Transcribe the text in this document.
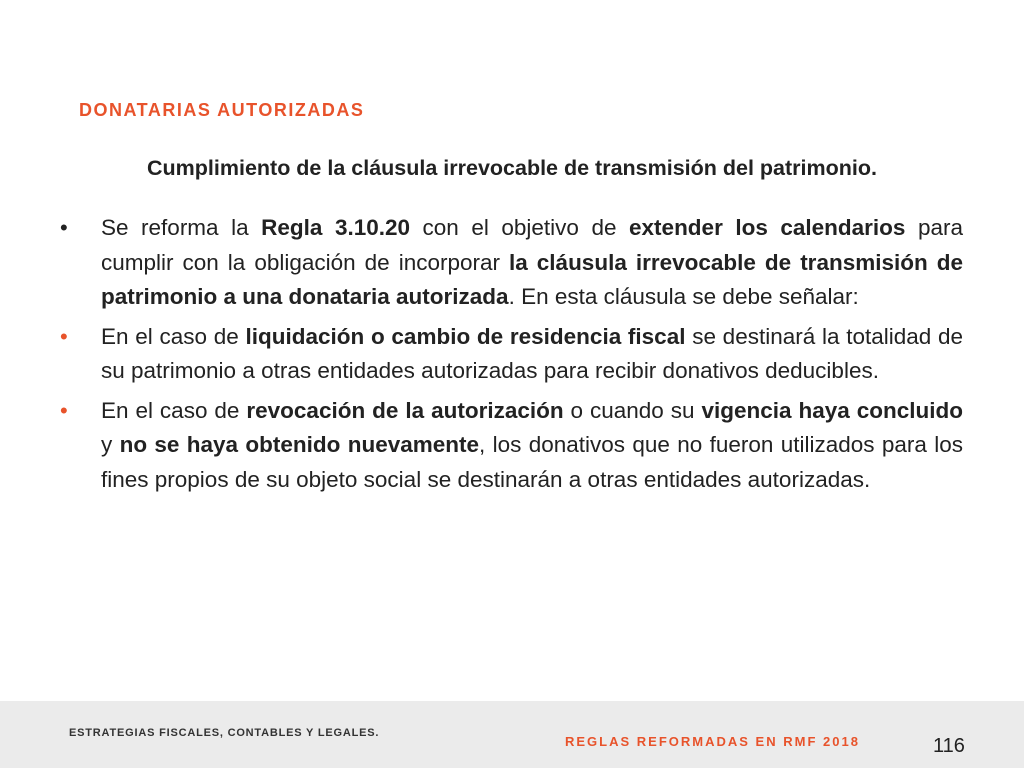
DONATARIAS AUTORIZADAS
Cumplimiento de la cláusula irrevocable de transmisión del patrimonio.
•	Se reforma la Regla 3.10.20 con el objetivo de extender los calendarios para cumplir con la obligación de incorporar la cláusula irrevocable de transmisión de patrimonio a una donataria autorizada. En esta cláusula se debe señalar:
•	En el caso de liquidación o cambio de residencia fiscal se destinará la totalidad de su patrimonio a otras entidades autorizadas para recibir donativos deducibles.
•	En el caso de revocación de la autorización o cuando su vigencia haya concluido y no se haya obtenido nuevamente, los donativos que no fueron utilizados para los fines propios de su objeto social se destinarán a otras entidades autorizadas.
ESTRATEGIAS FISCALES, CONTABLES Y LEGALES.
REGLAS REFORMADAS EN RMF 2018	116
